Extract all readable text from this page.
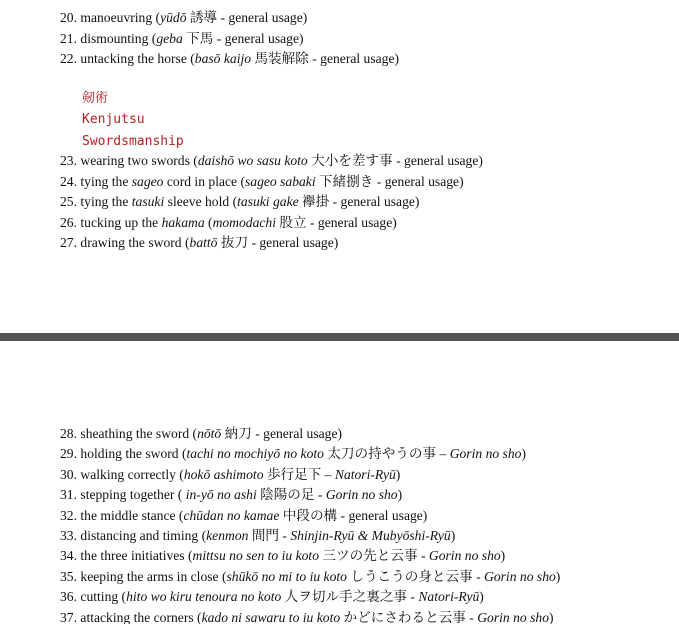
20. manoeuvring (yūdō 誘導 - general usage)
21. dismounting (geba 下馬 - general usage)
22. untacking the horse (basō kaijo 馬装解除 - general usage)
剱術
Kenjutsu
Swordsmanship
23. wearing two swords (daishō wo sasu koto 大小を差す事 - general usage)
24. tying the sageo cord in place (sageo sabaki 下緒捌き - general usage)
25. tying the tasuki sleeve hold (tasuki gake 襷掛 - general usage)
26. tucking up the hakama (momodachi 股立 - general usage)
27. drawing the sword (battō 抜刀 - general usage)
28. sheathing the sword (nōtō 納刀 - general usage)
29. holding the sword (tachi no mochiyō no koto 太刀の持やうの事 – Gorin no sho)
30. walking correctly (hokō ashimoto 歩行足下 – Natori-Ryū)
31. stepping together ( in-yō no ashi 陰陽の足 - Gorin no sho)
32. the middle stance (chūdan no kamae 中段の構 - general usage)
33. distancing and timing (kenmon 間門 - Shinjin-Ryū & Mubyōshi-Ryū)
34. the three initiatives (mittsu no sen to iu koto 三ツの先と云事 - Gorin no sho)
35. keeping the arms in close (shūkō no mi to iu koto しうこうの身と云事 - Gorin no sho)
36. cutting (hito wo kiru tenoura no koto 人ヲ切ル手之裏之事 - Natori-Ryū)
37. attacking the corners (kado ni sawaru to iu koto かどにさわると云事 - Gorin no sho)
